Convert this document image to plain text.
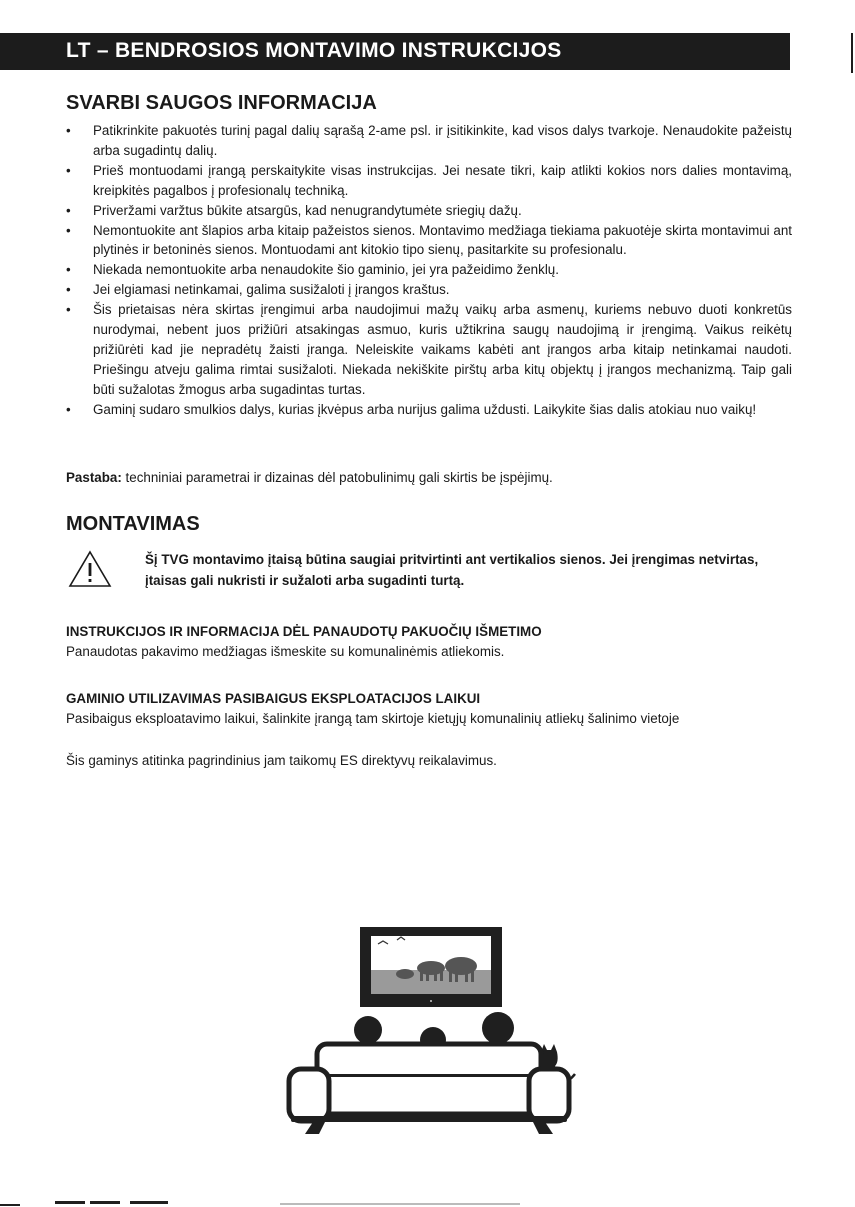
LT – BENDROSIOS MONTAVIMO INSTRUKCIJOS
SVARBI SAUGOS INFORMACIJA
• Patikrinkite pakuotės turinį pagal dalių sąrašą 2-ame psl. ir įsitikinkite, kad visos dalys tvarkoje. Nenaudokite pažeistų arba sugadintų dalių.
• Prieš montuodami įrangą perskaitykite visas instrukcijas. Jei nesate tikri, kaip atlikti kokios nors dalies montavimą, kreipkitės pagalbos į profesionalų techniką.
• Priveržami varžtus būkite atsargūs, kad nenugrandytumėte sriegių dažų.
• Nemontuokite ant šlapios arba kitaip pažeistos sienos. Montavimo medžiaga tiekiama pakuotėje skirta montavimui ant plytinės ir betoninės sienos. Montuodami ant kitokio tipo sienų, pasitarkite su profesionalu.
• Niekada nemontuokite arba nenaudokite šio gaminio, jei yra pažeidimo ženklų.
• Jei elgiamasi netinkamai, galima susižaloti į įrangos kraštus.
• Šis prietaisas nėra skirtas įrengimui arba naudojimui mažų vaikų arba asmenų, kuriems nebuvo duoti konkretūs nurodymai, nebent juos prižiūri atsakingas asmuo, kuris užtikrina saugų naudojimą ir įrengimą. Vaikus reikėtų prižiūrėti kad jie nepradėtų žaisti įranga. Neleiskite vaikams kabėti ant įrangos arba kitaip netinkamai naudoti. Priešingu atveju galima rimtai susižaloti. Niekada nekiškite pirštų arba kitų objektų į įrangos mechanizmą. Taip gali būti sužalotas žmogus arba sugadintas turtas.
• Gaminį sudaro smulkios dalys, kurias įkvėpus arba nurijus galima uždusti. Laikykite šias dalis atokiau nuo vaikų!
Pastaba: techniniai parametrai ir dizainas dėl patobulinimų gali skirtis be įspėjimų.
MONTAVIMAS
Šį TVG montavimo įtaisą būtina saugiai pritvirtinti ant vertikalios sienos. Jei įrengimas netvirtas, įtaisas gali nukristi ir sužaloti arba sugadinti turtą.
INSTRUKCIJOS IR INFORMACIJA DĖL PANAUDOTŲ PAKUOČIŲ IŠMETIMO
Panaudotas pakavimo medžiagas išmeskite su komunalinėmis atliekomis.
GAMINIO UTILIZAVIMAS PASIBAIGUS EKSPLOATACIJOS LAIKUI
Pasibaigus eksploatavimo laikui, šalinkite įrangą tam skirtoje kietųjų komunalinių atliekų šalinimo vietoje
Šis gaminys atitinka pagrindinius jam taikomų ES direktyvų reikalavimus.
